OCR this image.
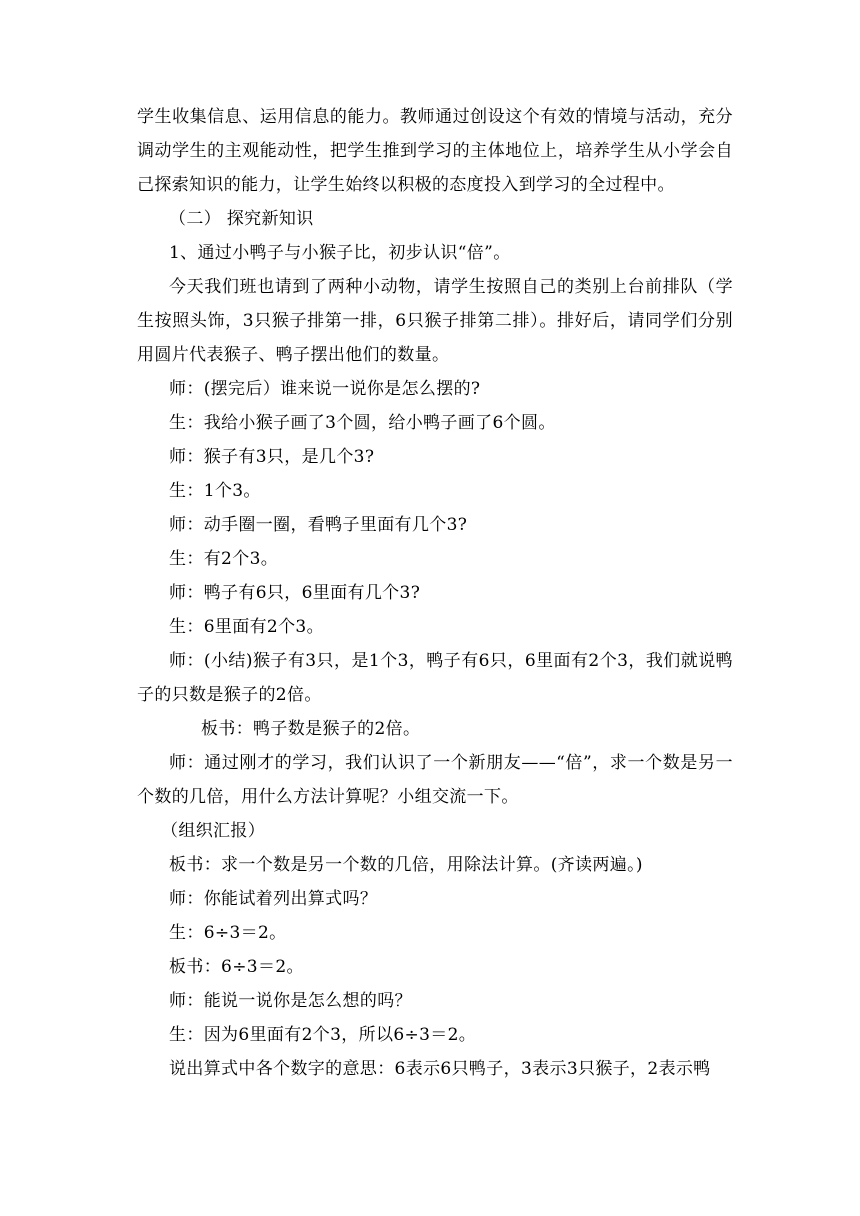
学生收集信息、运用信息的能力。教师通过创设这个有效的情境与活动，充分调动学生的主观能动性，把学生推到学习的主体地位上，培养学生从小学会自己探索知识的能力，让学生始终以积极的态度投入到学习的全过程中。

（二） 探究新知识

1、通过小鸭子与小猴子比，初步认识“倍”。

今天我们班也请到了两种小动物，请学生按照自己的类别上台前排队（学生按照头饰，3只猴子排第一排，6只猴子排第二排）。排好后，请同学们分别用圆片代表猴子、鸭子摆出他们的数量。

师：(摆完后）谁来说一说你是怎么摆的?

生：我给小猴子画了3个圆，给小鸭子画了6个圆。

师：猴子有3只，是几个3?

生：1个3。

师：动手圈一圈，看鸭子里面有几个3?

生：有2个3。

师：鸭子有6只，6里面有几个3?

生：6里面有2个3。

师：(小结)猴子有3只，是1个3，鸭子有6只，6里面有2个3，我们就说鸭子的只数是猴子的2倍。

板书：鸭子数是猴子的2倍。

师：通过刚才的学习，我们认识了一个新朋友——“倍”，求一个数是另一个数的几倍，用什么方法计算呢？小组交流一下。

（组织汇报）

板书：求一个数是另一个数的几倍，用除法计算。(齐读两遍。)

师：你能试着列出算式吗？

生：6÷3＝2。

板书：6÷3＝2。

师：能说一说你是怎么想的吗？

生：因为6里面有2个3，所以6÷3＝2。

说出算式中各个数字的意思：6表示6只鸭子，3表示3只猴子，2表示鸭
